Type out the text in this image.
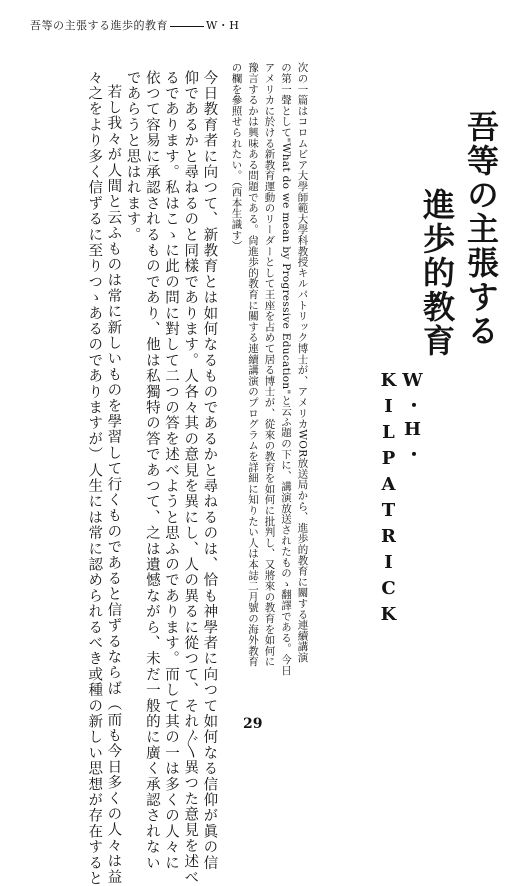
吾等の主張する進歩的教育	W・H
吾等の主張する
進歩的教育
W・H・KILPATRICK
次の一篇はコロムビア大學師範大學科教授キルパトリック博士が、アメリカWOR放送局から、進歩的教育に關する連續講演
の第一聲として"What do we mean by Progressive Education"と云ふ題の下に、講演放送されたものゝ翻譯である。今日
アメリカに於ける新教育運動のリーダーとして王座を占めて居る博士が、從來の教育を如何に批判し、又將來の教育を如何に
豫言するかは興味ある問題である。尙進歩的教育に關する連續講演のプログラムを詳細に知りたい人は本誌二月號の海外教育
の欄を參照せられたい。（西本生識す）
今日教育者に向つて、新教育とは如何なるものであるかと尋ねるのは、恰も神學者に向つて如何なる信仰が眞の信
仰であるかと尋ねるのと同樣であります。人各々其の意見を異にし、人の異るに從つて、それ〴〵異つた意見を述べ
るであります。私はこゝに此の問に對して二つの答を述べようと思ふのであります。而して其の一は多くの人々に
依つて容易に承認されるものであり、他は私獨特の答であつて、之は遺憾ながら、未だ一般的に廣く承認されない
であらうと思はれます。
若し我々が人間と云ふものは常に新しいものを學習して行くものであると信ずるならば（而も今日多くの人々は益
々之をより多く信ずるに至りつゝあるのでありますが）人生には常に認められるべき或種の新しい思想が存在すると	29
